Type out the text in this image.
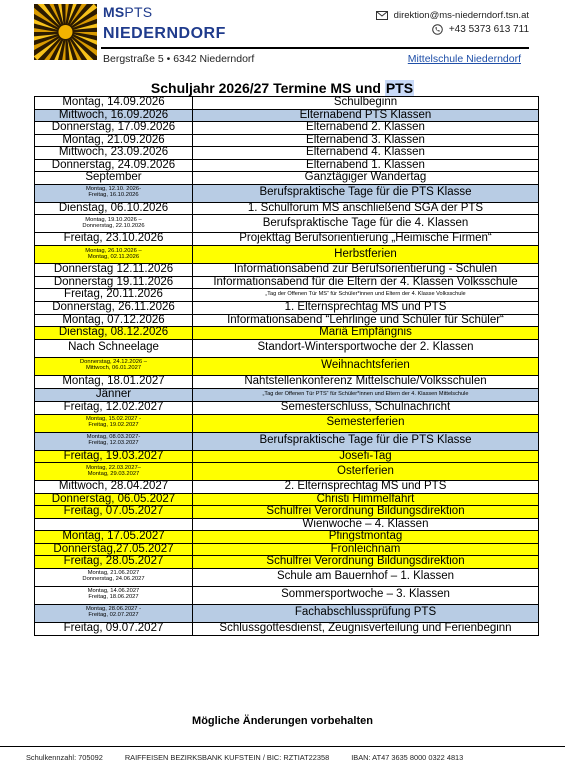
MSPTS
NIEDERNDORF
Bergstraße 5 • 6342 Niederndorf
direktion@ms-niederndorf.tsn.at
+43 5373 613 711
Mittelschule Niederndorf
Schuljahr 2026/27 Termine MS und PTS
Montag, 14.09.2026	Schulbeginn
Mittwoch, 16.09.2026	Elternabend PTS Klassen
Donnerstag, 17.09.2026	Elternabend 2. Klassen
Montag, 21.09.2026	Elternabend 3. Klassen
Mittwoch, 23.09.2026	Elternabend 4. Klassen
Donnerstag, 24.09.2026	Elternabend 1. Klassen
September	Ganztägiger Wandertag
Montag, 12.10. 2026-
Freitag, 16.10.2026	Berufspraktische Tage für die PTS Klasse
Dienstag, 06.10.2026	1. Schulforum MS anschließend SGA der PTS
Montag, 19.10.2026 –
Donnerstag, 22.10.2026	Berufspraktische Tage für die 4. Klassen
Freitag, 23.10.2026	Projekttag Berufsorientierung „Heimische Firmen“
Montag, 26.10.2026 –
Montag, 02.11.2026	Herbstferien
Donnerstag 12.11.2026	Informationsabend zur Berufsorientierung - Schulen
Donnerstag 19.11.2026	Informationsabend für die Eltern der 4. Klassen Volksschule
Freitag, 20.11.2026	„Tag der Offenen Tür MS“ für Schüler*innen und Eltern der 4. Klasse Volksschule
Donnerstag, 26.11.2026	1. Elternsprechtag MS und PTS
Montag, 07.12.2026	Informationsabend “Lehrlinge und Schüler für Schüler“
Dienstag, 08.12.2026	Mariä Empfängnis
Nach Schneelage	Standort-Wintersportwoche der 2. Klassen
Donnerstag, 24.12.2026 –
Mittwoch, 06.01.2027	Weihnachtsferien
Montag, 18.01.2027	Nahtstellenkonferenz Mittelschule/Volksschulen
Jänner	„Tag der Offenen Tür PTS“ für Schüler*innen und Eltern der 4. Klassen Mittelschule
Freitag, 12.02.2027	Semesterschluss, Schulnachricht
Montag, 15.02.2027 -
Freitag, 19.02.2027	Semesterferien
Montag, 08.03.2027-
Freitag, 12.03.2027	Berufspraktische Tage für die PTS Klasse
Freitag, 19.03.2027	Josefi-Tag
Montag, 22.03.2027–
Montag, 29.03.2027	Osterferien
Mittwoch, 28.04.2027	2. Elternsprechtag MS und PTS
Donnerstag, 06.05.2027	Christi Himmelfahrt
Freitag, 07.05.2027	Schulfrei Verordnung Bildungsdirektion
	Wienwoche – 4. Klassen
Montag, 17.05.2027	Pfingstmontag
Donnerstag,27.05.2027	Fronleichnam
Freitag, 28.05.2027	Schulfrei Verordnung Bildungsdirektion
Montag, 21.06.2027
Donnerstag, 24.06.2027	Schule am Bauernhof – 1. Klassen
Montag, 14.06.2027
Freitag, 18.06.2027	Sommersportwoche – 3. Klassen
Montag, 28.06.2027 -
Freitag, 02.07.2027	Fachabschlussprüfung PTS
Freitag, 09.07.2027	Schlussgottesdienst, Zeugnisverteilung und Ferienbeginn
Mögliche Änderungen vorbehalten
Schulkennzahl: 705092	RAIFFEISEN BEZIRKSBANK KUFSTEIN / BIC: RZTIAT22358	IBAN: AT47 3635 8000 0322 4813
